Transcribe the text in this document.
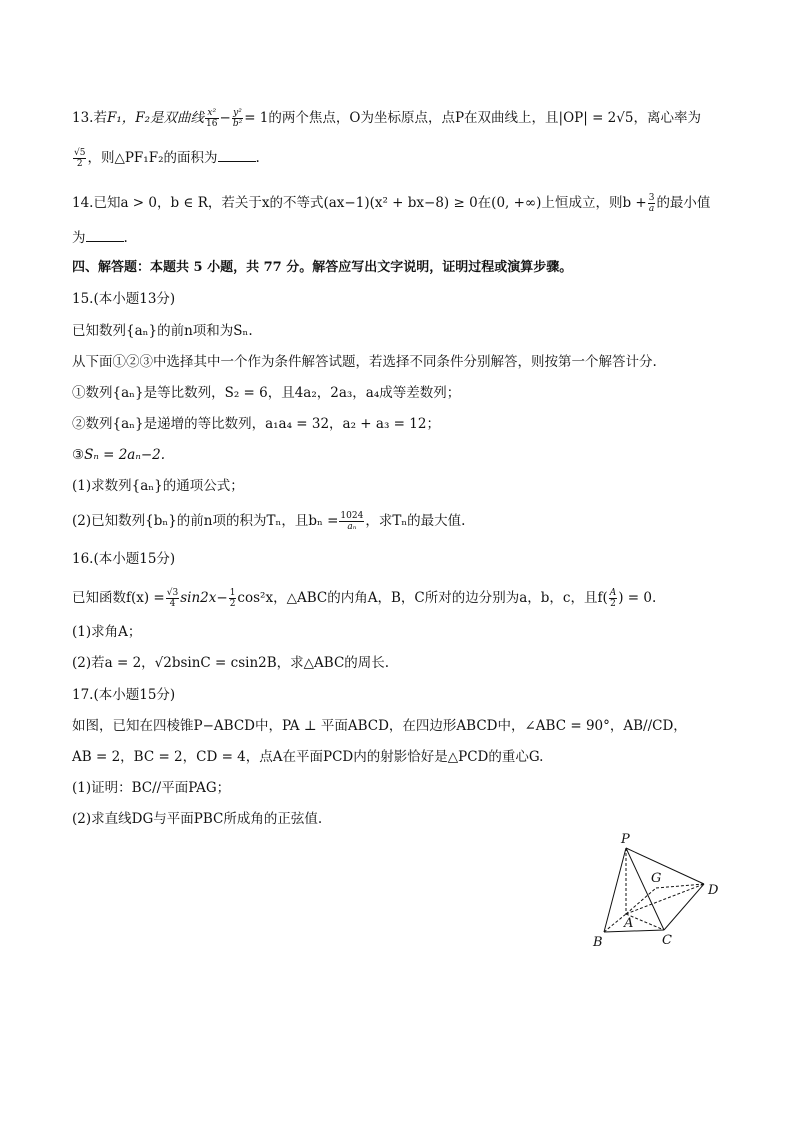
13.若F₁，F₂是双曲线 $\frac{\text{x²}}{16} - \frac{\text{y²}}{\text{b²}} = 1$的两个焦点，O为坐标原点，点P在双曲线上，且|OP| = 2√5，离心率为
$\frac{√5}{2}$ ，则△PF₁F₂的面积为	.
14.已知a > 0，b ∈ R，若关于x的不等式(ax−1)(x² + bx−8) ≥ 0在(0, +∞)上恒成立，则$b + \frac{3}{a}$ 的最小值
为	.
四、解答题：本题共 5 小题，共 77 分。解答应写出文字说明，证明过程或演算步骤。
15.(本小题13分)
已知数列{aₙ}的前n项和为Sₙ.
从下面①②③中选择其中一个作为条件解答试题，若选择不同条件分别解答，则按第一个解答计分.
①数列{aₙ}是等比数列，S₂ = 6，且4a₂，2a₃，a₄成等差数列；
②数列{aₙ}是递增的等比数列，a₁a₄ = 32，a₂ + a₃ = 12；
③Sₙ = 2aₙ−2.
(1)求数列{aₙ}的通项公式；
(2)已知数列{bₙ}的前n项的积为Tₙ，且$b_n = \frac{1024}{\text{aₙ}}$ ，求Tₙ的最大值.
16.(本小题15分)
已知函数$f(x) = \frac{√3}{4} \sin 2x- \frac{1}{2} \cos^2x$，△ABC的内角A，B，C所对的边分别为a，b，c，且$f( \frac{A}{2}$ ) = 0.
(1)求角A；
(2)若a = 2，√2bsinC = csin2B，求△ABC的周长.
17.(本小题15分)
如图，已知在四棱锥P−ABCD中，PA ⊥ 平面ABCD，在四边形ABCD中，∠ABC = 90°，AB//CD，
AB = 2，BC = 2，CD = 4，点A在平面PCD内的射影恰好是△PCD的重心G.
(1)证明：BC//平面PAG；
(2)求直线DG与平面PBC所成角的正弦值.
P
G
D
A
B	C
